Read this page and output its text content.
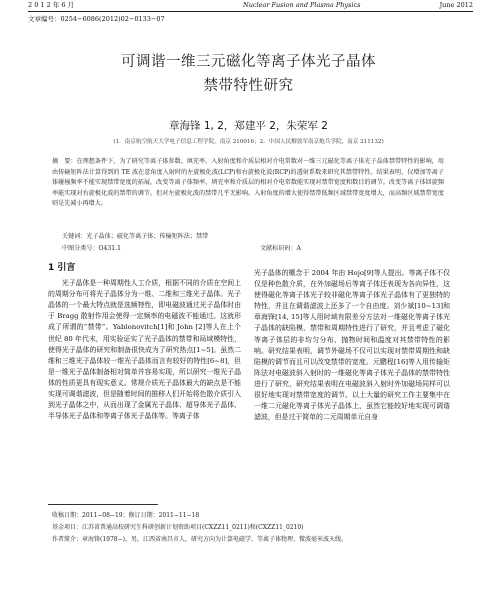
2 0 1 2 年 6 月	Nuclear Fusion and Plasma Physics	June 2012
文章编号：0254−6086(2012)02−0133−07
可调谐一维三元磁化等离子体光子晶体
禁带特性研究
章海锋 1, 2，郑建平 2，朱荣军 2
(1．南京航空航天大学电子信息工程学院，南京 210016；2．中国人民解放军南京炮兵学院，南京 211132)
摘　要：在理想条件下，为了研究等离子体参数、填充率、入射角度和介质层相对介电常数对一维三元磁化等离子体光子晶体禁带特性的影响，用由传输矩阵法计算得到的 TE 波在意角度入射时的左旋极化波(LCP)和右旋极化波(RCP)的透射系数来研究其禁带特性。结果表明，仅增加等离子体碰撞频率不能实现禁带宽度的拓展，改变等离子体频率、填充率和介质层的相对介电常数能实现对禁带宽度和数目的调节。改变等离子体回旋频率能实现对右旋极化波的禁带的调节，但对左旋极化波的禁带几乎无影响。入射角度的增大使得禁带低频区域禁带宽度增大，而高频区域禁带宽度则是先减小再增大。
关键词：光子晶体；磁化等离子体；传输矩阵法；禁带
中图分类号：O431.1	文献标识码：A
1 引言
光子晶体是一种周期性人工介质，根据不同的介质在空间上的周期分布可将光子晶体分为一维、二维和三维光子晶体。光子晶体的一个最大特点就是选频特性，即电磁波通过光子晶体时由于 Bragg 散射作用会使得一定频率的电磁波不能通过。这就形成了所谓的“禁带”。Yablonovitch[1]和 John [2]等人在上个世纪 80 年代末，用实验证实了光子晶体的禁带和局域模特性，使得光子晶体的研究和制备很快成为了研究热点[1~5]。虽然二维和三维光子晶体较一维光子晶体而言有较好的特性[6~8]，但是一维光子晶体制备相对简单并容易实现，所以研究一维光子晶体的性质更具有现实意义。常规介质光子晶体最大的缺点是不能实现可调谐滤波，但是随着时间的推移人们开始将色散介质引入到光子晶体之中，从而出现了金属光子晶体、超导体光子晶体、半导体光子晶体和等离子体光子晶体等。等离子体
光子晶体的概念于 2004 年由 Hojo[9]等人提出。等离子体不仅仅是种色散介质，在外加磁场后等离子体还表现为各向异性，这使得磁化等离子体光子较非磁化等离子体光子晶体有了更独特的特性，并且在调谐滤波上还多了一个自由度。刘少斌[10~13]和章海锋[14, 15]等人用时域有限差分方法对一维磁化等离子体光子晶体的缺陷模、禁带和周期特性进行了研究，并且考虑了磁化等离子体层的非均匀分布、抛物时间和温度对其禁带特性的影响。研究结果表明，调节外磁场不仅可以实现对禁带周期性和缺陷模的调节而且可以改变禁带的宽度。元鹏程[16]等人用传输矩阵法对电磁波斜入射时的一维磁化等离子体光子晶体的禁带特性进行了研究，研究结果表明在电磁波斜入射时外加磁场同样可以很好地实现对禁带宽度的调节。以上大量的研究工作主要集中在一维二元磁化等离子体光子晶体上，虽然它能较好地实现可调谐滤波，但是过于简单的二元周期单元自身
收稿日期：2011−08−19；修订日期：2011−11−18
基金项目：江苏省普通高校研究生科研创新计划资助项目(CXZZ11_0211)和(CXZZ11_0210)
作者简介：章海锋(1978−)，男，江西省南昌市人，研究方向为计算电磁学、等离子体物理、微波毫米波天线。
